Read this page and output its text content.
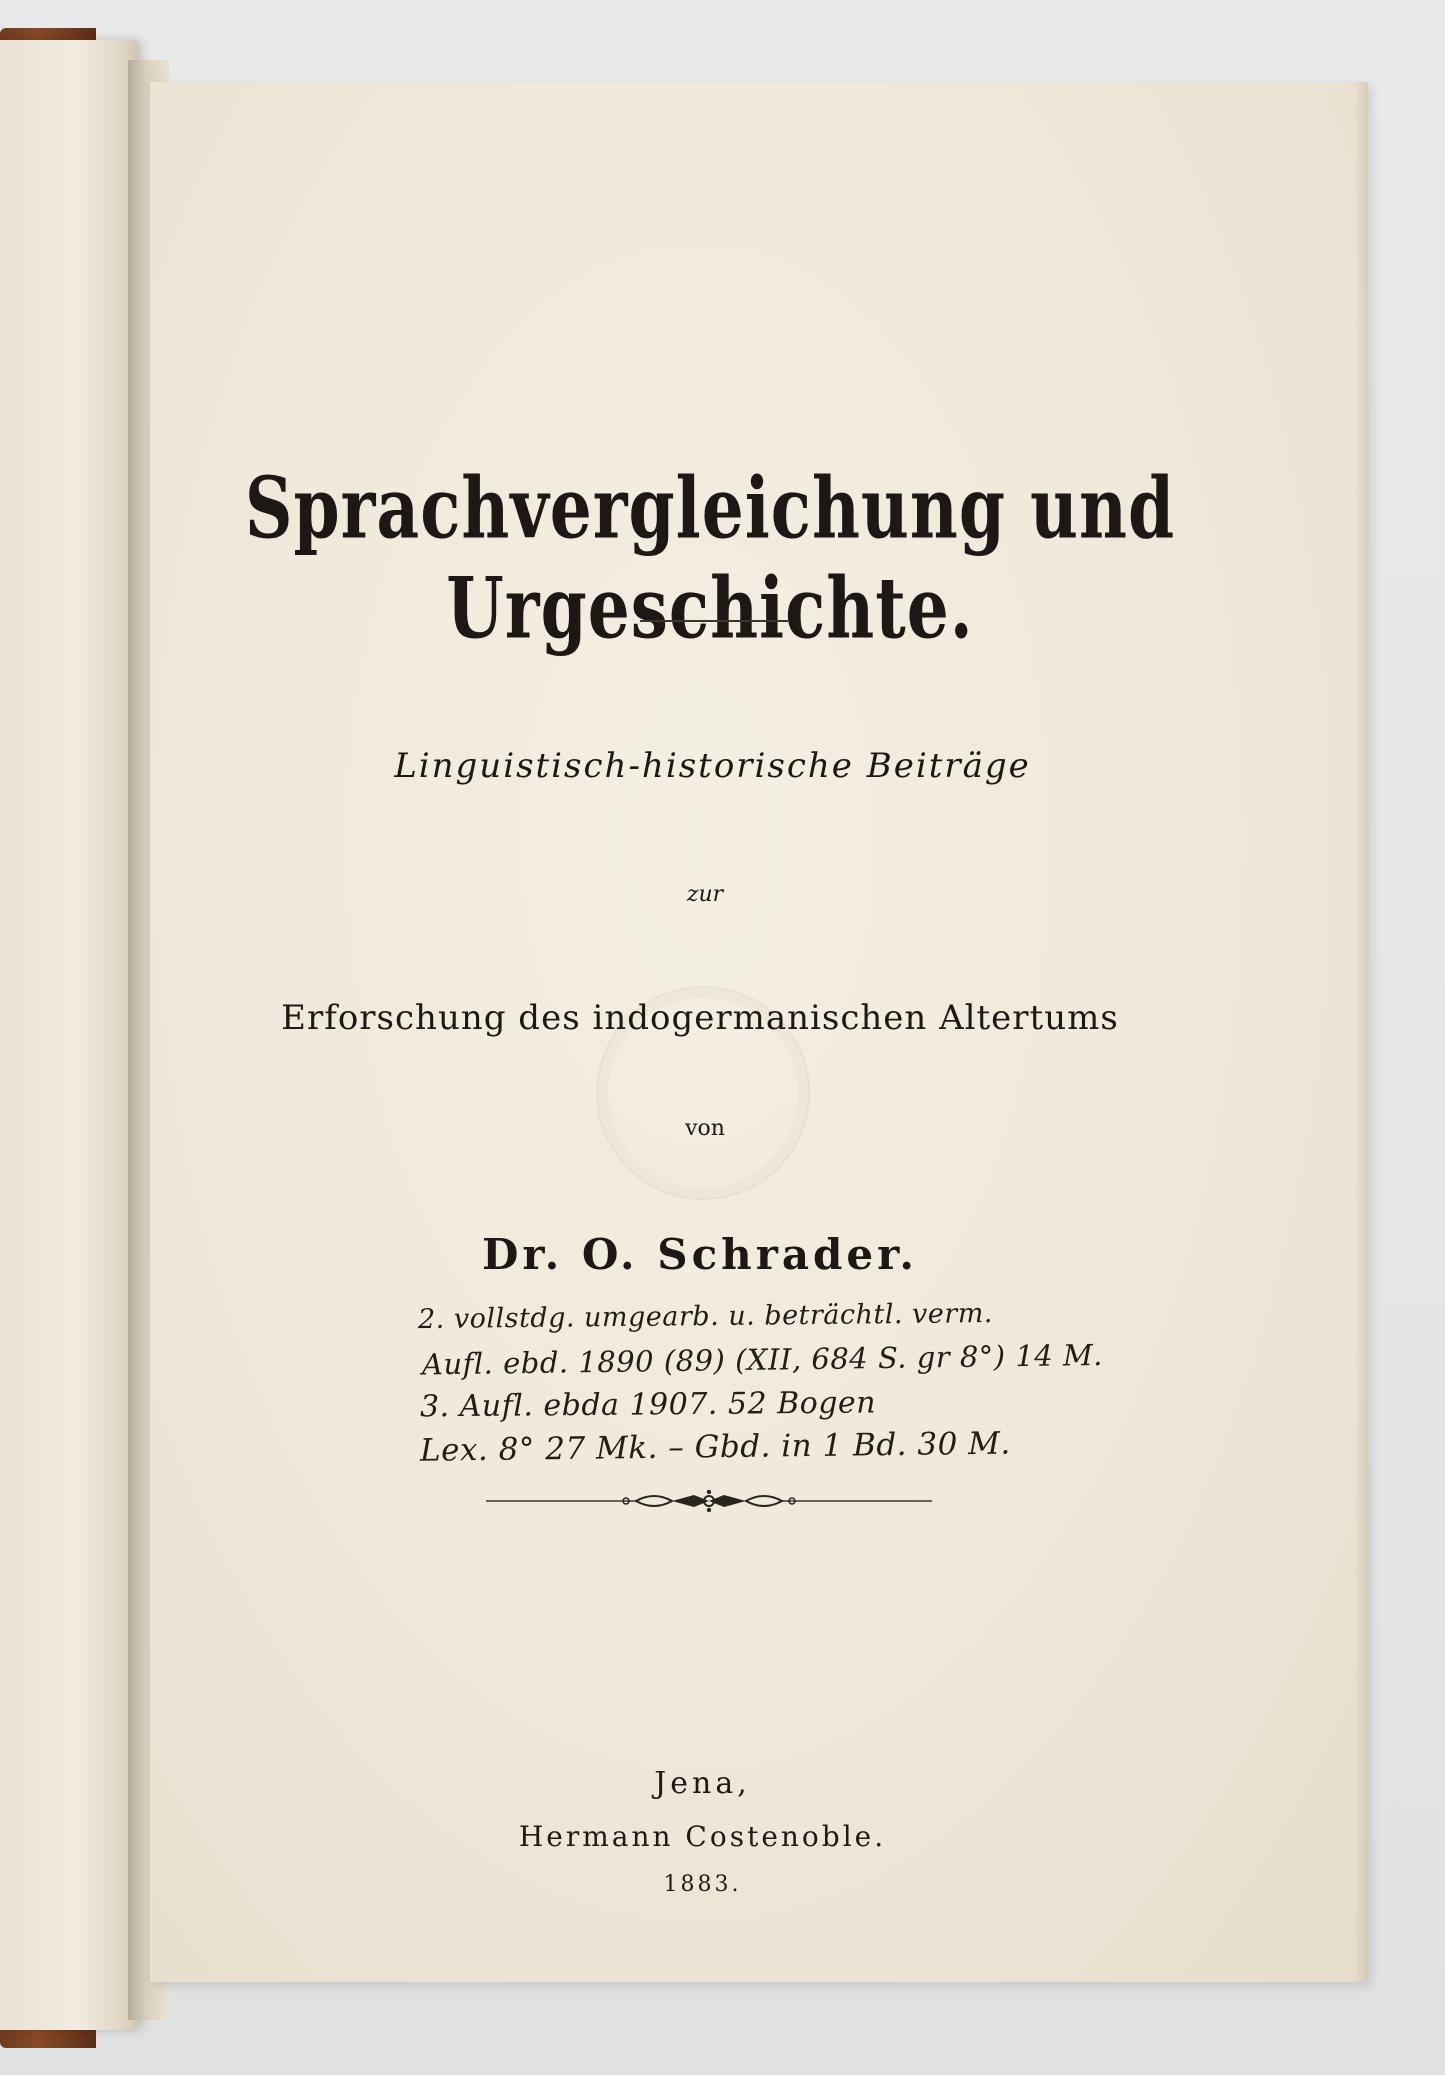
Sprachvergleichung und Urgeschichte.
Linguistisch-historische Beiträge
zur
Erforschung des indogermanischen Altertums
von
Dr. O. Schrader.
2. vollstdg. umgearb. u. beträchtl. verm.
Aufl. ebd. 1890 (89) (XII, 684 S. gr 8°) 14 M.
3. Aufl. ebda 1907. 52 Bogen
Lex. 8° 27 Mk. – Gbd. in 1 Bd. 30 M.
Jena,
Hermann Costenoble.
1883.
